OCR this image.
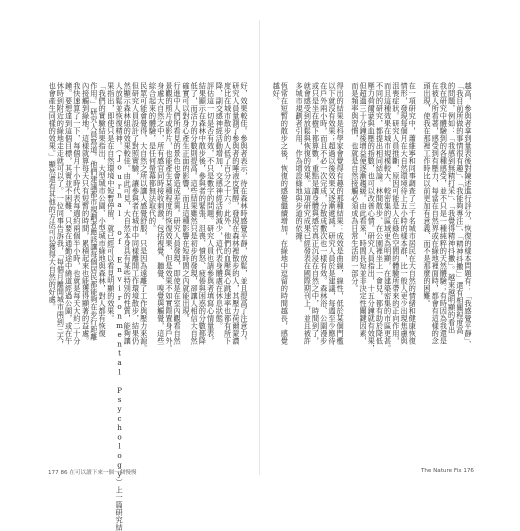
好，效果較佳。參與者表示，待在森林時感覺平靜，放鬆，並且提高了注意力。
研究人員量測了參與者的唾液皮質醇，發現在森林裡散步的人，其壓力荷爾蒙濃
度比在城市散步的人低了百分之十六。此外，他們的血壓與心跳速率也都有所下
降，副交感神經活動增加，交感神經活動減少，這代表身體處在休息狀態。
評估這一切是否有效，不只是數字的問題。研究人員也請參與者填寫心情量表，
結果顯示在森林中散步後，參與者的緊張、沮喪、憤怒、疲倦與困惑的分數都降
低了，而活力的分數則提高。這些結果雖然只是初步的發現，卻讓人相信大自然
確實可以對身心產生正面的影響，而且這種影響在短時間之內就能出現。
行進中人們所看見的景色也會造成差異。研究人員發現，即使是在室內觀看自然
景觀的照片或影片，也能產生某種程度的恢復效果，但是效果不如實際置身戶外。
身處大自然之中，所有感官同時接收刺激，包括視覺、聽覺、嗅覺與觸覺，這些
綜合起來的體驗，是任何螢幕都無法取代的。
民眾可能會覺得，大自然之所以讓人感覺舒服，只是因為遠離了工作與壓力來源。
但研究人員設計了對照實驗，讓參與者在城市中同樣離開工作環境散步，結果仍
然顯示森林組的效果較佳。由此可見，大自然本身具有某些特別的性質，能夠讓
人放鬆並恢復精神。（Journal of Environmental Psychology）上一篇研究結
果指出，即使只是在自然環境中短暫停留，就已經可以看見明顯的效果。
「我們的實驗結果指出，大型城市公園、小型城市綠地與森林，對人都有恢復
作用。」研究人員寫道。他們建議都市規劃者應該讓每個居民都能夠在步行距離
內接觸到綠地，這樣就算每天只有短暫的時間，累積起來也能獲得顯著的益處。
我快速算了一下，每個月十小時代表每週約兩個半小時，也就是每天大約二十分
鐘。要想達到這個目標，其實並不困難，只要在通勤途中繞道經過公園，或在午
休時到附近的綠地走走就可以了。一位同事告訴我，「每個月離開城市兩到三天，
也會產生同樣的效果。」顯然還有其他的方法可以獲得大自然的好處。	越高，參與者拿到量表後對陳述進行評分，恢復的樣本問題有：「我感覺平靜」、
「我目前所做的事情很有趣」、「我能夠專注」、「精神抖擻」」還有相關程度高
的問題，例如：「我感到無精打采」、「我覺得精神抖擻」。越來越明顯的看出
我在研究中體驗到的各種感受，並不只是一種純粹的天然體驗；有時因為我還是
在被人所看著，感受到有壓力，每當在自然界或在綠地裡面時，都會有這樣的念
頭出現，使我在那裡工作時比以前更加有意義、而不是那麼的困難。
在一項研究中，蕭維寧和同事調查了三千名城市居民在大自然的情緒和健康恢復
情形，發現每個月在大自然環境待上五小時的樣本群，比一般人更少出現焦慮與
沮喪症狀。研究人員推斷，原因可能是人在綠色空間的體驗所帶來的正向作用，
而且這種效果在城市規模較大、較密集的區域更為明顯，在建築密集的市區更甚。
不同的研究，都提出相同結論。林間散步、在公園裡坐上一會兒，都有助於降低
壓力荷爾蒙與血壓的指數，也可以改善心情。研究人員指出，十五分鐘就有效果，
但超過三十分鐘後增益便逐漸趨緩。由此看來，時間長短並非決定性關鍵因素，
而是頻率與習慣，也就是自然接觸必須成為日常生活的一部分。
得出的結果是科學家會覺得有趣的那種結果：成效是曲線，線性，低於某個門檻
以下就沒有效果；超過以後效果又逐漸遞減。研究人員於是建議，每週至少應待
在戶外兩小時，而且不必一次完成，分散成數次也一樣有效。森林浴、公園漫步
或只是坐在樹下都算數，重點是讓身體與感官真正沉浸在自然之中，時間到了，
就會感受到放鬆與恢復的效果。這項研究成果已經發表在國際期刊上，並且被許
多城市規劃者引用，作為增設綠地與步道的依據。
恆常在短暫的散步之後，恢復的感覺繼續增加，在綠地中逗留的時間越長，感覺
越好。
177 86 在可以讀下來一個一個慢慢	The Nature Fix 176
